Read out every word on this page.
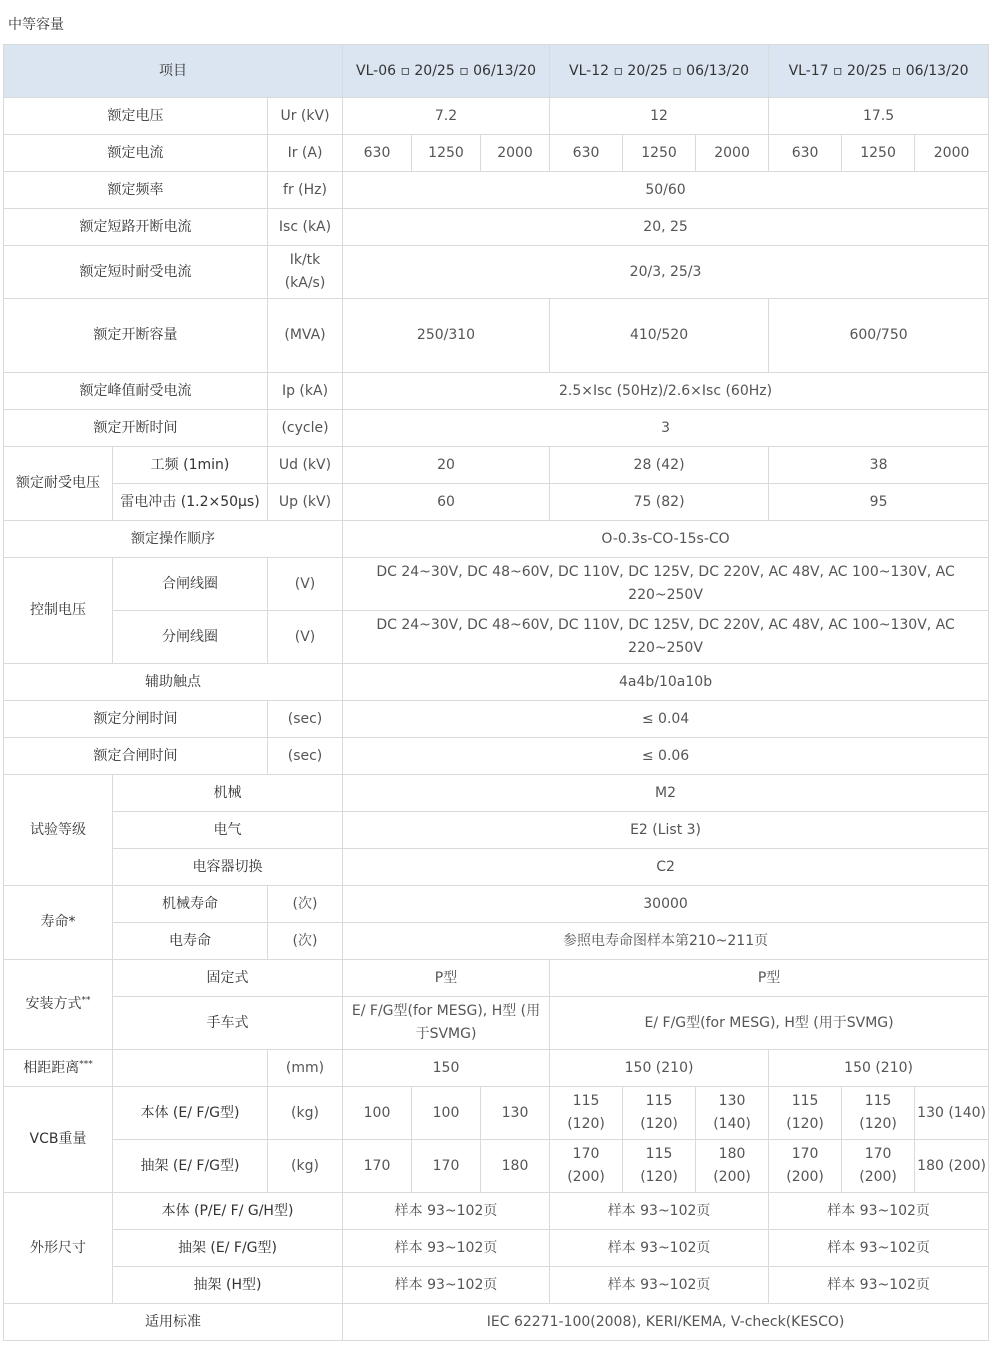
中等容量
项目			VL-06 ▫ 20/25 ▫ 06/13/20			VL-12 ▫ 20/25 ▫ 06/13/20			VL-17 ▫ 20/25 ▫ 06/13/20		
额定电压		Ur (kV)	7.2			12			17.5		
额定电流		Ir (A)	630	1250	2000	630	1250	2000	630	1250	2000
额定频率		fr (Hz)	50/60								
额定短路开断电流		Isc (kA)	20, 25								
额定短时耐受电流		Ik/tk (kA/s)	20/3, 25/3								
额定开断容量		(MVA)	250/310			410/520			600/750		
额定峰值耐受电流		Ip (kA)	2.5×Isc (50Hz)/2.6×Isc (60Hz)								
额定开断时间		(cycle)	3								
额定耐受电压	工频 (1min)	Ud (kV)	20			28 (42)			38		
	雷电冲击 (1.2×50μs)	Up (kV)	60			75 (82)			95		
额定操作顺序			O-0.3s-CO-15s-CO								
控制电压	合闸线圈	(V)	DC 24~30V, DC 48~60V, DC 110V, DC 125V, DC 220V, AC 48V, AC 100~130V, AC 220~250V								
	分闸线圈	(V)	DC 24~30V, DC 48~60V, DC 110V, DC 125V, DC 220V, AC 48V, AC 100~130V, AC 220~250V								
辅助触点			4a4b/10a10b								
额定分闸时间		(sec)	≤ 0.04								
额定合闸时间		(sec)	≤ 0.06								
试验等级	机械		M2								
	电气		E2 (List 3)								
	电容器切换		C2								
寿命*	机械寿命	(次)	30000								
	电寿命	(次)	参照电寿命图样本第210~211页								
安装方式**	固定式		P型			P型					
	手车式		E/ F/G型(for MESG), H型 (用于SVMG)			E/ F/G型(for MESG), H型 (用于SVMG)					
相距距离***		(mm)	150			150 (210)			150 (210)		
VCB重量	本体 (E/ F/G型)	(kg)	100	100	130	115 (120)	115 (120)	130 (140)	115 (120)	115 (120)	130 (140)
	抽架 (E/ F/G型)	(kg)	170	170	180	170 (200)	115 (120)	180 (200)	170 (200)	170 (200)	180 (200)
外形尺寸	本体 (P/E/ F/ G/H型)		样本 93~102页			样本 93~102页			样本 93~102页		
	抽架 (E/ F/G型)		样本 93~102页			样本 93~102页			样本 93~102页		
	抽架 (H型)		样本 93~102页			样本 93~102页			样本 93~102页		
适用标准			IEC 62271-100(2008), KERI/KEMA, V-check(KESCO)								
